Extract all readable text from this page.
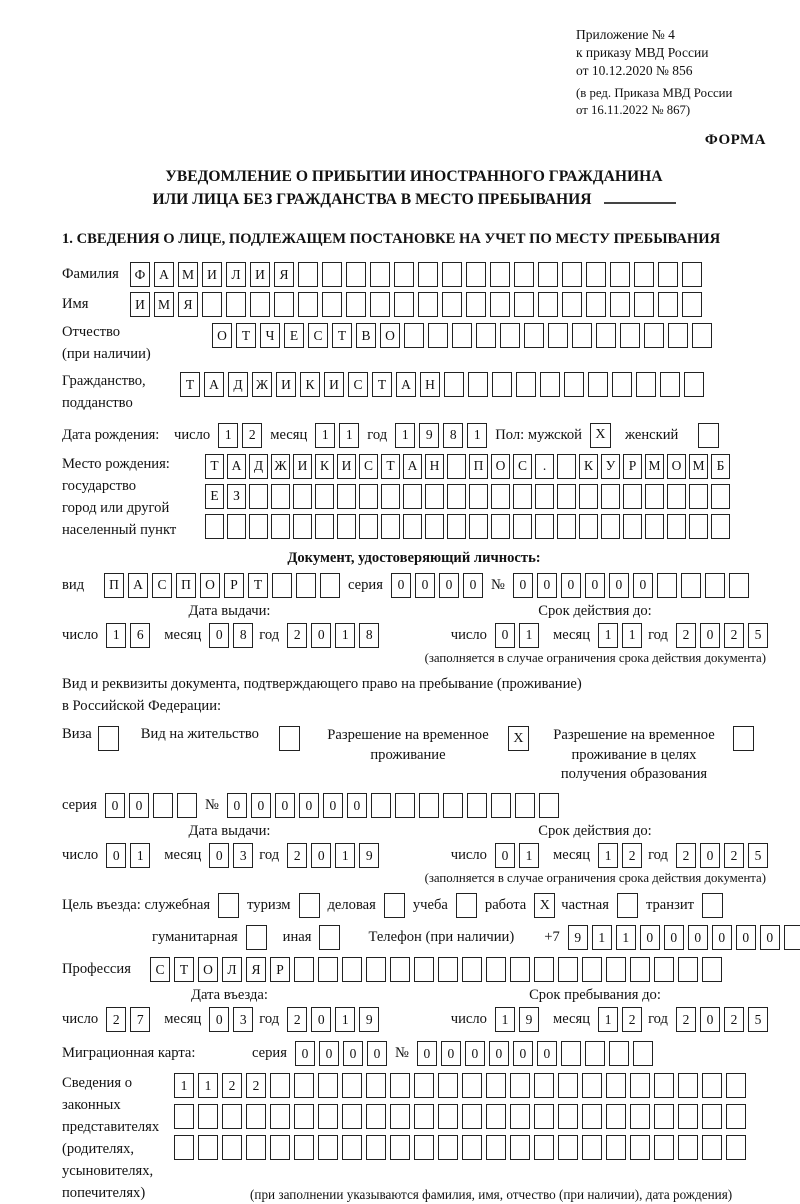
Приложение № 4
к приказу МВД России
от 10.12.2020 № 856
(в ред. Приказа МВД России
от 16.11.2022 № 867)
ФОРМА
УВЕДОМЛЕНИЕ О ПРИБЫТИИ ИНОСТРАННОГО ГРАЖДАНИНА
ИЛИ ЛИЦА БЕЗ ГРАЖДАНСТВА В МЕСТО ПРЕБЫВАНИЯ
1. СВЕДЕНИЯ О ЛИЦЕ, ПОДЛЕЖАЩЕМ ПОСТАНОВКЕ НА УЧЕТ ПО МЕСТУ ПРЕБЫВАНИЯ
Фамилия	Ф	А М И	Л	И	Я
Имя	И М Я
Отчество
(при наличии)
О	Т	Ч	Е	С	Т	В	О
Гражданство,
подданство
Т	А	Д Ж И	К	И	С	Т	А	Н
Дата рождения:	число	1	2	месяц	1	1	год	1	9	8	1	Пол: мужской X	женский
Место рождения:
государство
город или другой
населенный пункт
Т А Д Ж И К И С Т А Н	П О С	.	К У Р М О М Б

Е	З

Документ, удостоверяющий личность:
вид	П	А	С	П	О	Р	Т	серия	0	0	0	0	№	0	0	0	0	0	0
Дата выдачи:	Срок действия до:
число	1	6	месяц	0	8 год	2	0	1	8	число	0	1	месяц	1	1 год	2	0	2	5
(заполняется в случае ограничения срока действия документа)
Вид и реквизиты документа, подтверждающего право на пребывание (проживание)
в Российской Федерации:
Виза	Вид на жительство	Разрешение на временное проживание
X	Разрешение на временное проживание в целях получения образования
серия	0	0	№	0	0	0	0	0	0
Дата выдачи:	Срок действия до:
число	0	1	месяц	0	3 год	2	0	1	9	число	0	1	месяц	1	2 год	2	0	2	5
(заполняется в случае ограничения срока действия документа)
Цель въезда: служебная	туризм	деловая	учеба	работа X частная	транзит
гуманитарная	иная	Телефон (при наличии) +7	9	1	1	0	0	0	0	0	0
Профессия	С	Т	О	Л	Я	Р
Дата въезда:	Срок пребывания до:
число	2	7	месяц	0	3 год	2	0	1	9	число	1	9	месяц	1	2 год	2	0	2	5
Миграционная карта:	серия	0	0	0	0	№	0	0	0	0	0	0
Сведения о
законных
представителях
(родителях,
усыновителях,
попечителях)
1	1	2	2

(при заполнении указываются фамилия, имя, отчество (при наличии), дата рождения)
